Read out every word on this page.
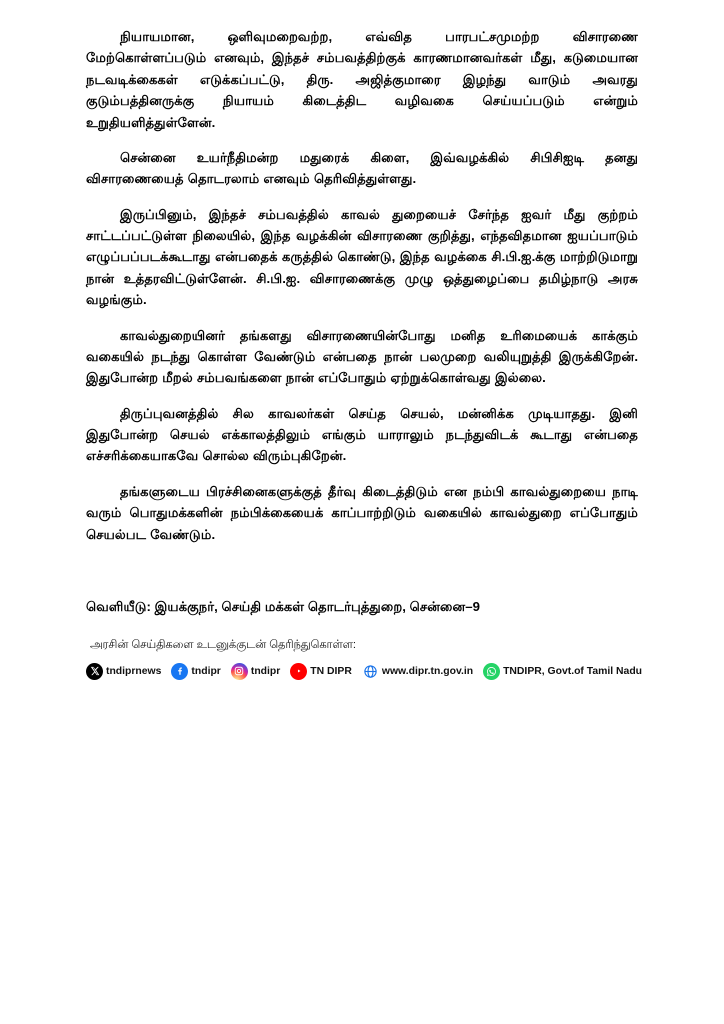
நியாயமான, ஒளிவுமறைவற்ற, எவ்வித பாரபட்சமுமற்ற விசாரணை மேற்கொள்ளப்படும் எனவும், இந்தச் சம்பவத்திற்குக் காரணமானவர்கள் மீது, கடுமையான நடவடிக்கைகள் எடுக்கப்பட்டு, திரு. அஜித்குமாரை இழந்து வாடும் அவரது குடும்பத்தினருக்கு நியாயம் கிடைத்திட வழிவகை செய்யப்படும் என்றும் உறுதியளித்துள்ளேன்.

சென்னை உயர்நீதிமன்ற மதுரைக் கிளை, இவ்வழக்கில் சிபிசிஐடி தனது விசாரணையைத் தொடரலாம் எனவும் தெரிவித்துள்ளது.

இருப்பினும், இந்தச் சம்பவத்தில் காவல் துறையைச் சேர்ந்த ஐவர் மீது குற்றம் சாட்டப்பட்டுள்ள நிலையில், இந்த வழக்கின் விசாரணை குறித்து, எந்தவிதமான ஐயப்பாடும் எழுப்பப்படக்கூடாது என்பதைக் கருத்தில் கொண்டு, இந்த வழக்கை சி.பி.ஐ.க்கு மாற்றிடுமாறு நான் உத்தரவிட்டுள்ளேன். சி.பி.ஐ. விசாரணைக்கு முழு ஒத்துழைப்பை தமிழ்நாடு அரசு வழங்கும்.

காவல்துறையினர் தங்களது விசாரணையின்போது மனித உரிமையைக் காக்கும் வகையில் நடந்து கொள்ள வேண்டும் என்பதை நான் பலமுறை வலியுறுத்தி இருக்கிறேன். இதுபோன்ற மீறல் சம்பவங்களை நான் எப்போதும் ஏற்றுக்கொள்வது இல்லை.

திருப்புவனத்தில் சில காவலர்கள் செய்த செயல், மன்னிக்க முடியாதது. இனி இதுபோன்ற செயல் எக்காலத்திலும் எங்கும் யாராலும் நடந்துவிடக் கூடாது என்பதை எச்சரிக்கையாகவே சொல்ல விரும்புகிறேன்.

தங்களுடைய பிரச்சினைகளுக்குத் தீர்வு கிடைத்திடும் என நம்பி காவல்துறையை நாடி வரும் பொதுமக்களின் நம்பிக்கையைக் காப்பாற்றிடும் வகையில் காவல்துறை எப்போதும் செயல்பட வேண்டும்.

வெளியீடு: இயக்குநர், செய்தி மக்கள் தொடர்புத்துறை, சென்னை–9
அரசின் செய்திகளை உடனுக்குடன் தெரிந்துகொள்ள:
tndiprnews	tndipr	tndipr	TN DIPR	www.dipr.tn.gov.in	TNDIPR, Govt.of Tamil Nadu
